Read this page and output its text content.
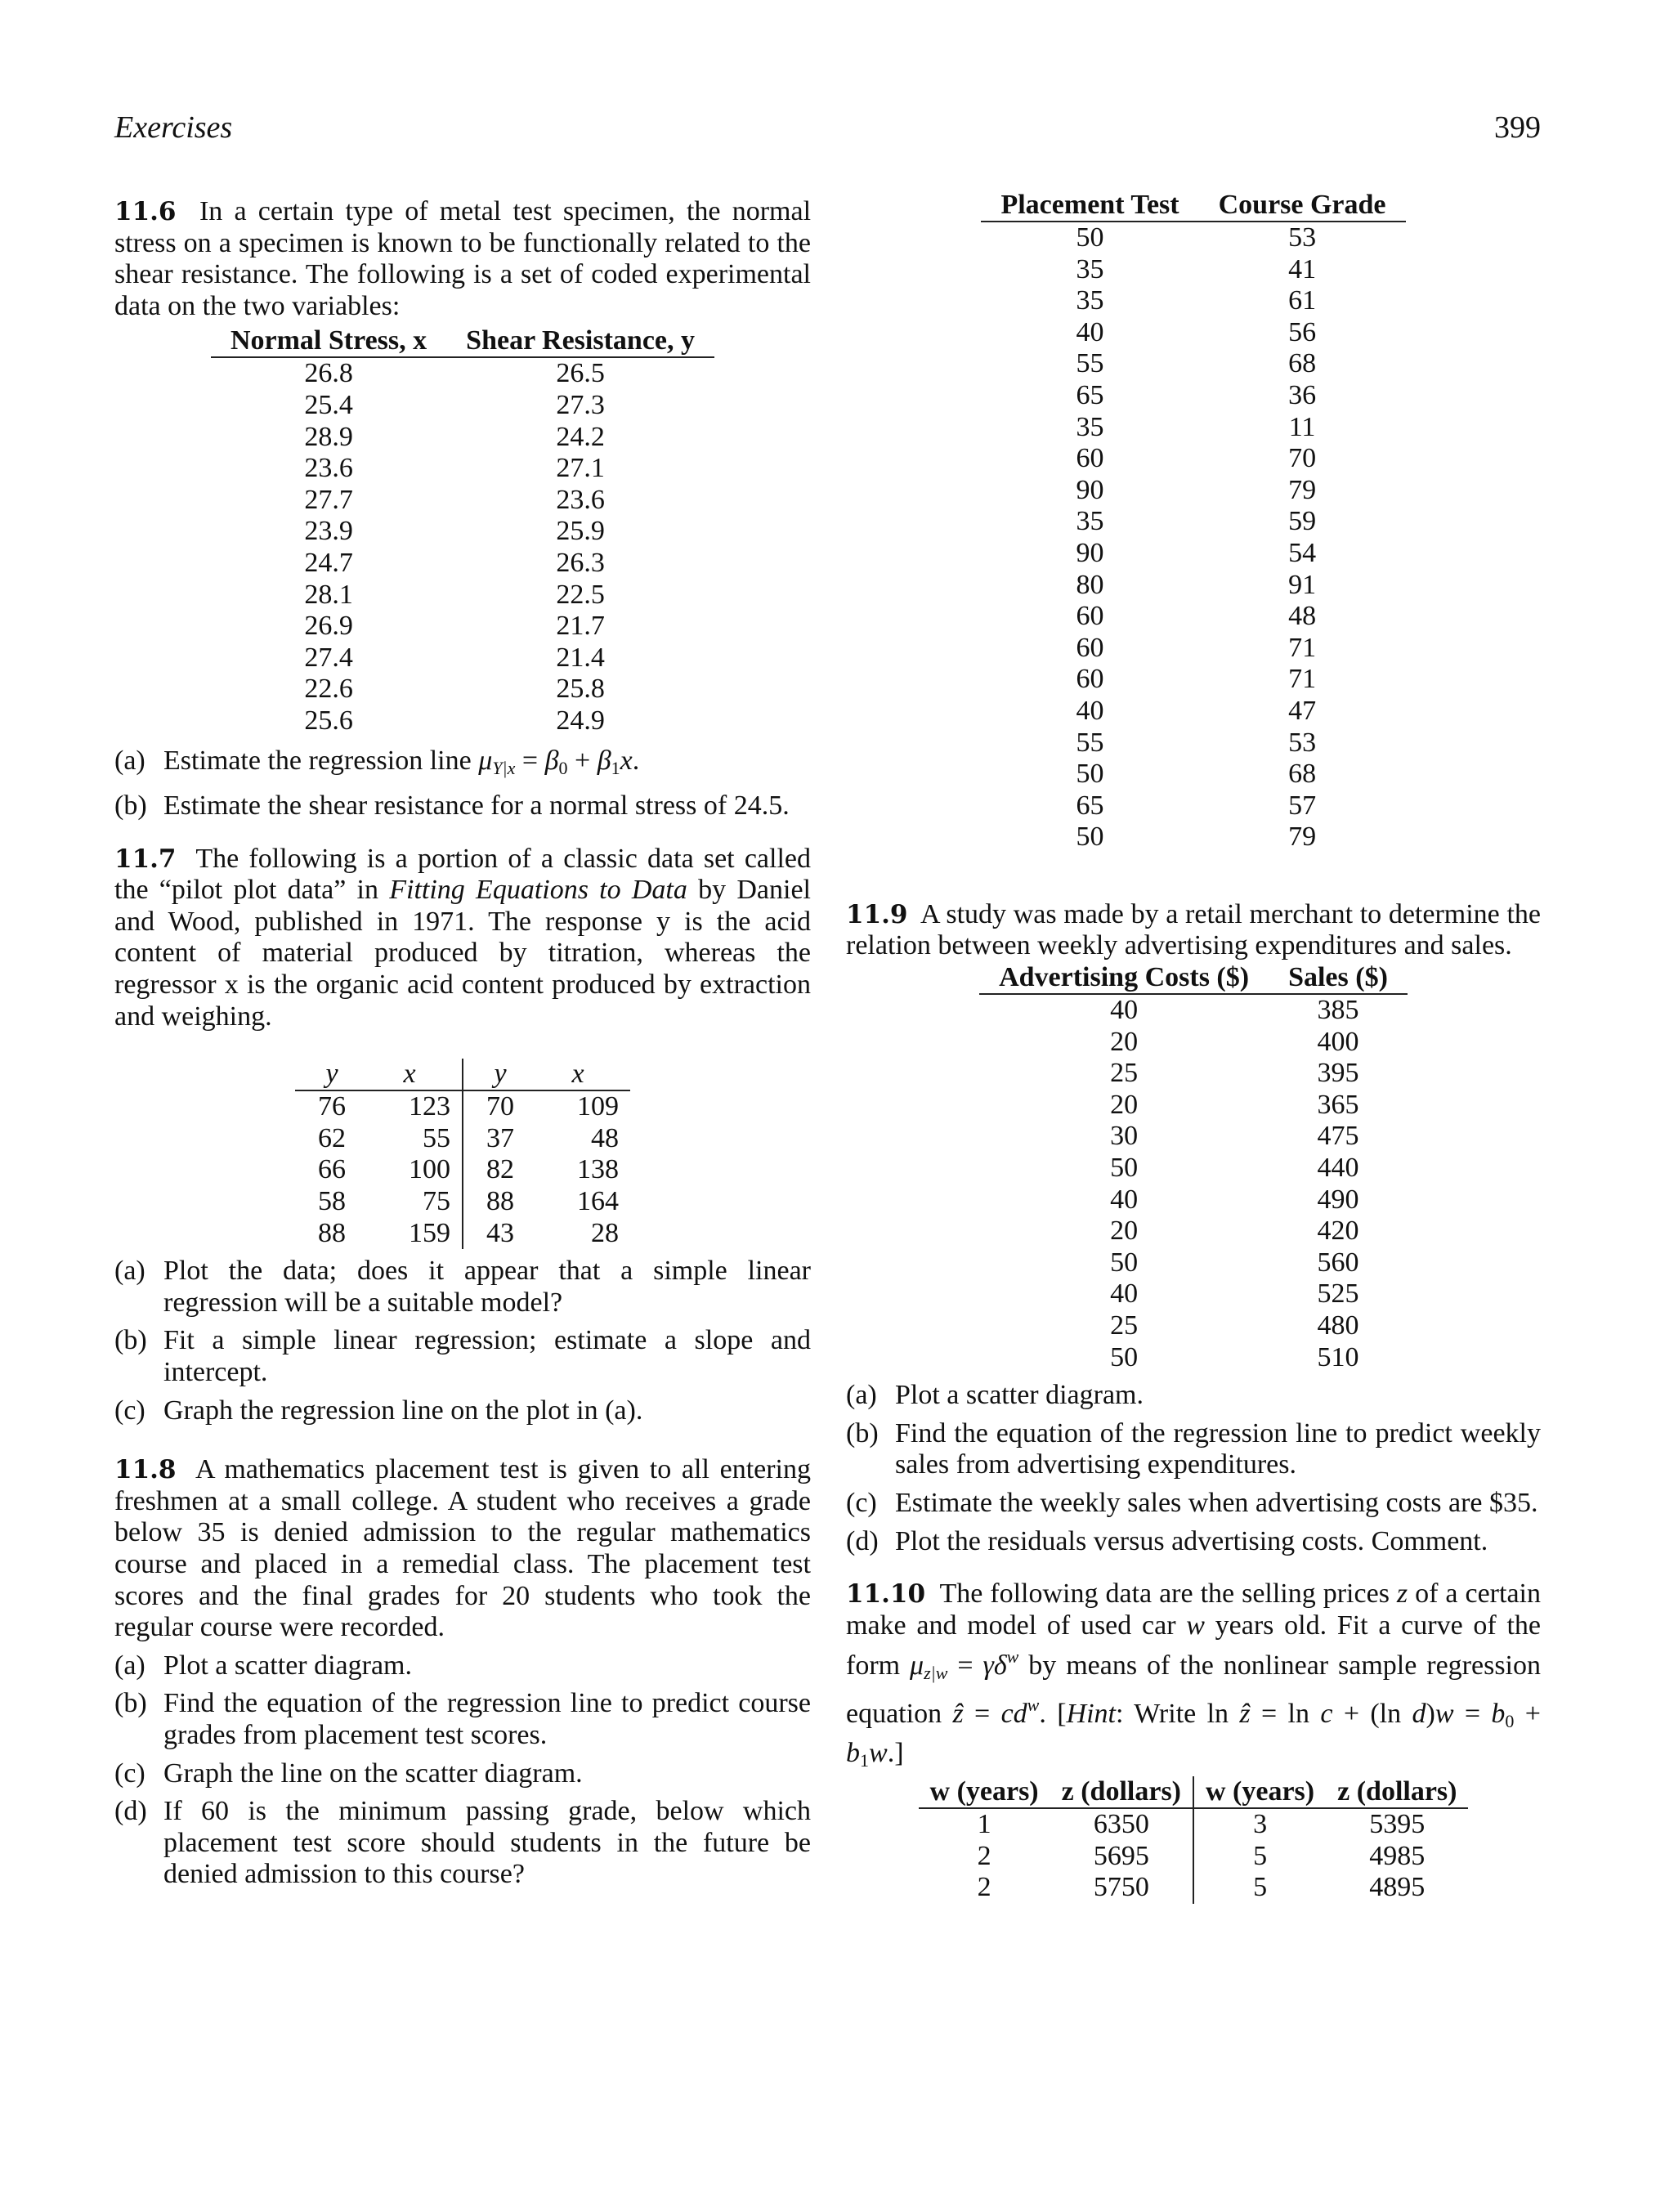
Exercises	399

11.6 In a certain type of metal test specimen, the normal stress on a specimen is known to be functionally related to the shear resistance. The following is a set of coded experimental data on the two variables:

Normal Stress, x	Shear Resistance, y
26.8	26.5
25.4	27.3
28.9	24.2
23.6	27.1
27.7	23.6
23.9	25.9
24.7	26.3
28.1	22.5
26.9	21.7
27.4	21.4
22.6	25.8
25.6	24.9
(a) Estimate the regression line $\mu_{Y|x} = \beta_0 + \beta_1x$.
(b) Estimate the shear resistance for a normal stress of 24.5.

11.7 The following is a portion of a classic data set called the “pilot plot data” in Fitting Equations to Data by Daniel and Wood, published in 1971. The response y is the acid content of material produced by titration, whereas the regressor x is the organic acid content produced by extraction and weighing.

y	x	y	x
76	123	70	109
62	55	37	48
66	100	82	138
58	75	88	164
88	159	43	28
(a) Plot the data; does it appear that a simple linear regression will be a suitable model?
(b) Fit a simple linear regression; estimate a slope and intercept.
(c) Graph the regression line on the plot in (a).

11.8 A mathematics placement test is given to all entering freshmen at a small college. A student who receives a grade below 35 is denied admission to the regular mathematics course and placed in a remedial class. The placement test scores and the final grades for 20 students who took the regular course were recorded.

(a) Plot a scatter diagram.
(b) Find the equation of the regression line to predict course grades from placement test scores.
(c) Graph the line on the scatter diagram.
(d) If 60 is the minimum passing grade, below which placement test score should students in the future be denied admission to this course?
Placement Test	Course Grade
50	53
35	41
35	61
40	56
55	68
65	36
35	11
60	70
90	79
35	59
90	54
80	91
60	48
60	71
60	71
40	47
55	53
50	68
65	57
50	79

11.9 A study was made by a retail merchant to determine the relation between weekly advertising expenditures and sales.

Advertising Costs ($)	Sales ($)
40	385
20	400
25	395
20	365
30	475
50	440
40	490
20	420
50	560
40	525
25	480
50	510
(a) Plot a scatter diagram.
(b) Find the equation of the regression line to predict weekly sales from advertising expenditures.
(c) Estimate the weekly sales when advertising costs are $35.
(d) Plot the residuals versus advertising costs. Comment.

11.10 The following data are the selling prices z of a certain make and model of used car w years old. Fit a curve of the form $\mu_{z|w} = \gamma\delta^w$ by means of the nonlinear sample regression equation ẑ = $cd^w$. [Hint: Write ln ẑ = ln c + (ln $d)w = b_0 + b_1w$.]

w (years)	z (dollars)	w (years)	z (dollars)
1	6350	3	5395
2	5695	5	4985
2	5750	5	4895
